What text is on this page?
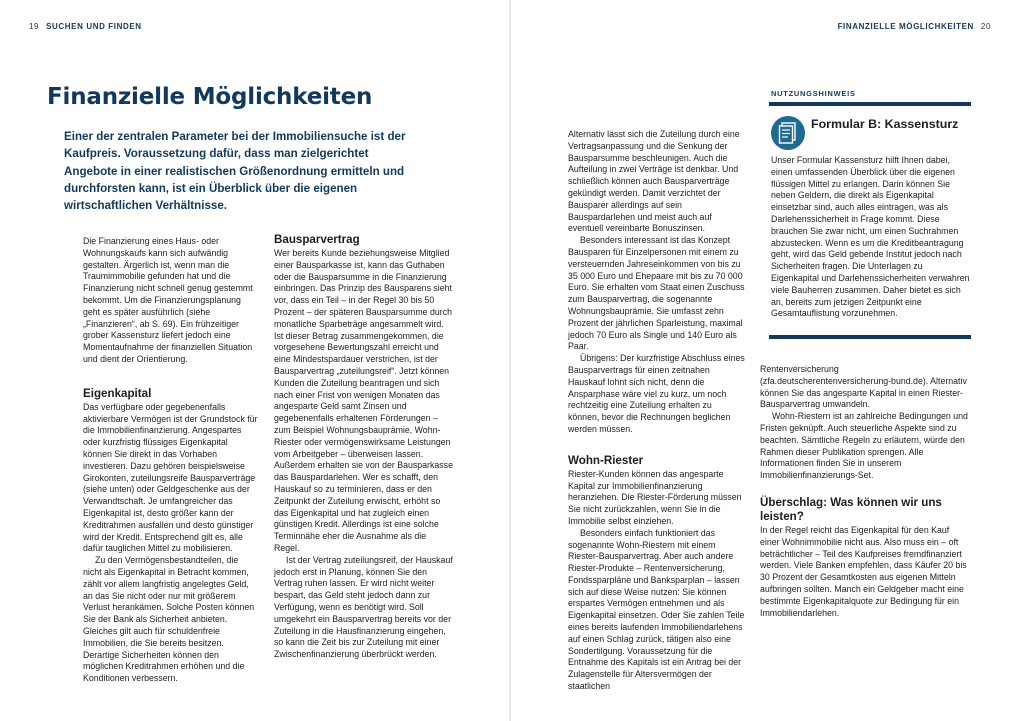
19 SUCHEN UND FINDEN	FINANZIELLE MÖGLICHKEITEN 20
Finanzielle Möglichkeiten

Einer der zentralen Parameter bei der Immobiliensuche ist der Kaufpreis. Voraussetzung dafür, dass man zielgerichtet Angebote in einer realistischen Größenordnung ermitteln und durchforsten kann, ist ein Überblick über die eigenen wirtschaftlichen Verhältnisse.

Die Finanzierung eines Haus- oder Wohnungskaufs kann sich aufwändig gestalten. Ärgerlich ist, wenn man die Traumimmobilie gefunden hat und die Finanzierung nicht schnell genug gestemmt bekommt. Um die Finanzierungsplanung geht es später ausführlich (siehe „Finanzieren“, ab S. 69). Ein frühzeitiger grober Kassensturz liefert jedoch eine Momentaufnahme der finanziellen Situation und dient der Orientierung.

Eigenkapital

Das verfügbare oder gegebenenfalls aktivierbare Vermögen ist der Grundstock für die Immobilienfinanzierung. Angespartes oder kurzfristig flüssiges Eigenkapital können Sie direkt in das Vorhaben investieren. Dazu gehören beispielsweise Girokonten, zuteilungsreife Bausparverträge (siehe unten) oder Geldgeschenke aus der Verwandtschaft. Je umfangreicher das Eigenkapital ist, desto größer kann der Kreditrahmen ausfallen und desto günstiger wird der Kredit. Entsprechend gilt es, alle dafür tauglichen Mittel zu mobilisieren.

Zu den Vermögensbestandteilen, die nicht als Eigenkapital in Betracht kommen, zählt vor allem langfristig angelegtes Geld, an das Sie nicht oder nur mit größerem Verlust herankämen. Solche Posten können Sie der Bank als Sicherheit anbieten. Gleiches gilt auch für schuldenfreie Immobilien, die Sie bereits besitzen. Derartige Sicherheiten können den möglichen Kreditrahmen erhöhen und die Konditionen verbessern.

Bausparvertrag

Wer bereits Kunde beziehungsweise Mitglied einer Bausparkasse ist, kann das Guthaben oder die Bausparsumme in die Finanzierung einbringen. Das Prinzip des Bausparens sieht vor, dass ein Teil – in der Regel 30 bis 50 Prozent – der späteren Bausparsumme durch monatliche Sparbeträge angesammelt wird. Ist dieser Betrag zusammengekommen, die vorgesehene Bewertungszahl erreicht und eine Mindestspardauer verstrichen, ist der Bausparvertrag „zuteilungsreif“. Jetzt können Kunden die Zuteilung beantragen und sich nach einer Frist von wenigen Monaten das angesparte Geld samt Zinsen und gegebenenfalls erhaltenen Förderungen – zum Beispiel Wohnungsbauprämie, Wohn-Riester oder vermögenswirksame Leistungen vom Arbeitgeber – überweisen lassen. Außerdem erhalten sie von der Bausparkasse das Bauspardarlehen. Wer es schafft, den Hauskauf so zu terminieren, dass er den Zeitpunkt der Zuteilung erwischt, erhöht so das Eigenkapital und hat zugleich einen günstigen Kredit. Allerdings ist eine solche Terminnähe eher die Ausnahme als die Regel.

Ist der Vertrag zuteilungsreif, der Hauskauf jedoch erst in Planung, können Sie den Vertrag ruhen lassen. Er wird nicht weiter bespart, das Geld steht jedoch dann zur Verfügung, wenn es benötigt wird. Soll umgekehrt ein Bausparvertrag bereits vor der Zuteilung in die Hausfinanzierung eingehen, so kann die Zeit bis zur Zuteilung mit einer Zwischenfinanzierung überbrückt werden.

Alternativ lässt sich die Zuteilung durch eine Vertragsanpassung und die Senkung der Bausparsumme beschleunigen. Auch die Aufteilung in zwei Verträge ist denkbar. Und schließlich können auch Bausparverträge gekündigt werden. Damit verzichtet der Bausparer allerdings auf sein Bauspardarlehen und meist auch auf eventuell vereinbarte Bonuszinsen.

Besonders interessant ist das Konzept Bausparen für Einzelpersonen mit einem zu versteuernden Jahreseinkommen von bis zu 35 000 Euro und Ehepaare mit bis zu 70 000 Euro. Sie erhalten vom Staat einen Zuschuss zum Bausparvertrag, die sogenannte Wohnungsbauprämie. Sie umfasst zehn Prozent der jährlichen Sparleistung, maximal jedoch 70 Euro als Single und 140 Euro als Paar.

Übrigens: Der kurzfristige Abschluss eines Bausparvertrags für einen zeitnahen Hauskauf lohnt sich nicht, denn die Ansparphase wäre viel zu kurz, um noch rechtzeitig eine Zuteilung erhalten zu können, bevor die Rechnungen beglichen werden müssen.

Wohn-Riester

Riester-Kunden können das angesparte Kapital zur Immobilienfinanzierung heranziehen. Die Riester-Förderung müssen Sie nicht zurückzahlen, wenn Sie in die Immobilie selbst einziehen.

Besonders einfach funktioniert das sogenannte Wohn-Riestern mit einem Riester-Bausparvertrag. Aber auch andere Riester-Produkte – Rentenversicherung, Fondssparpläne und Banksparplan – lassen sich auf diese Weise nutzen: Sie können erspartes Vermögen entnehmen und als Eigenkapital einsetzen. Oder Sie zahlen Teile eines bereits laufenden Immobiliendarlehens auf einen Schlag zurück, tätigen also eine Sondertilgung. Voraussetzung für die Entnahme des Kapitals ist ein Antrag bei der Zulagenstelle für Altersvermögen der staatlichen

NUTZUNGSHINWEIS
Formular B: Kassensturz

Unser Formular Kassensturz hilft Ihnen dabei, einen umfassenden Überblick über die eigenen flüssigen Mittel zu erlangen. Darin können Sie neben Geldern, die direkt als Eigenkapital einsetzbar sind, auch alles eintragen, was als Darlehenssicherheit in Frage kommt. Diese brauchen Sie zwar nicht, um einen Suchrahmen abzustecken. Wenn es um die Kreditbeantragung geht, wird das Geld gebende Institut jedoch nach Sicherheiten fragen. Die Unterlagen zu Eigenkapital und Darlehenssicherheiten verwahren viele Bauherren zusammen. Daher bietet es sich an, bereits zum jetzigen Zeitpunkt eine Gesamtauflistung vorzunehmen.

Rentenversicherung (zfa.deutscherentenversicherung-bund.de). Alternativ können Sie das angesparte Kapital in einen Riester-Bausparvertrag umwandeln.

Wohn-Riestern ist an zahlreiche Bedingungen und Fristen geknüpft. Auch steuerliche Aspekte sind zu beachten. Sämtliche Regeln zu erläutern, würde den Rahmen dieser Publikation sprengen. Alle Informationen finden Sie in unserem Immobilienfinanzierungs-Set.

Überschlag: Was können wir uns leisten?

In der Regel reicht das Eigenkapital für den Kauf einer Wohnimmobilie nicht aus. Also muss ein – oft beträchtlicher – Teil des Kaufpreises fremdfinanziert werden. Viele Banken empfehlen, dass Käufer 20 bis 30 Prozent der Gesamtkosten aus eigenen Mitteln aufbringen sollten. Manch ein Geldgeber macht eine bestimmte Eigenkapitalquote zur Bedingung für ein Immobiliendarlehen.
